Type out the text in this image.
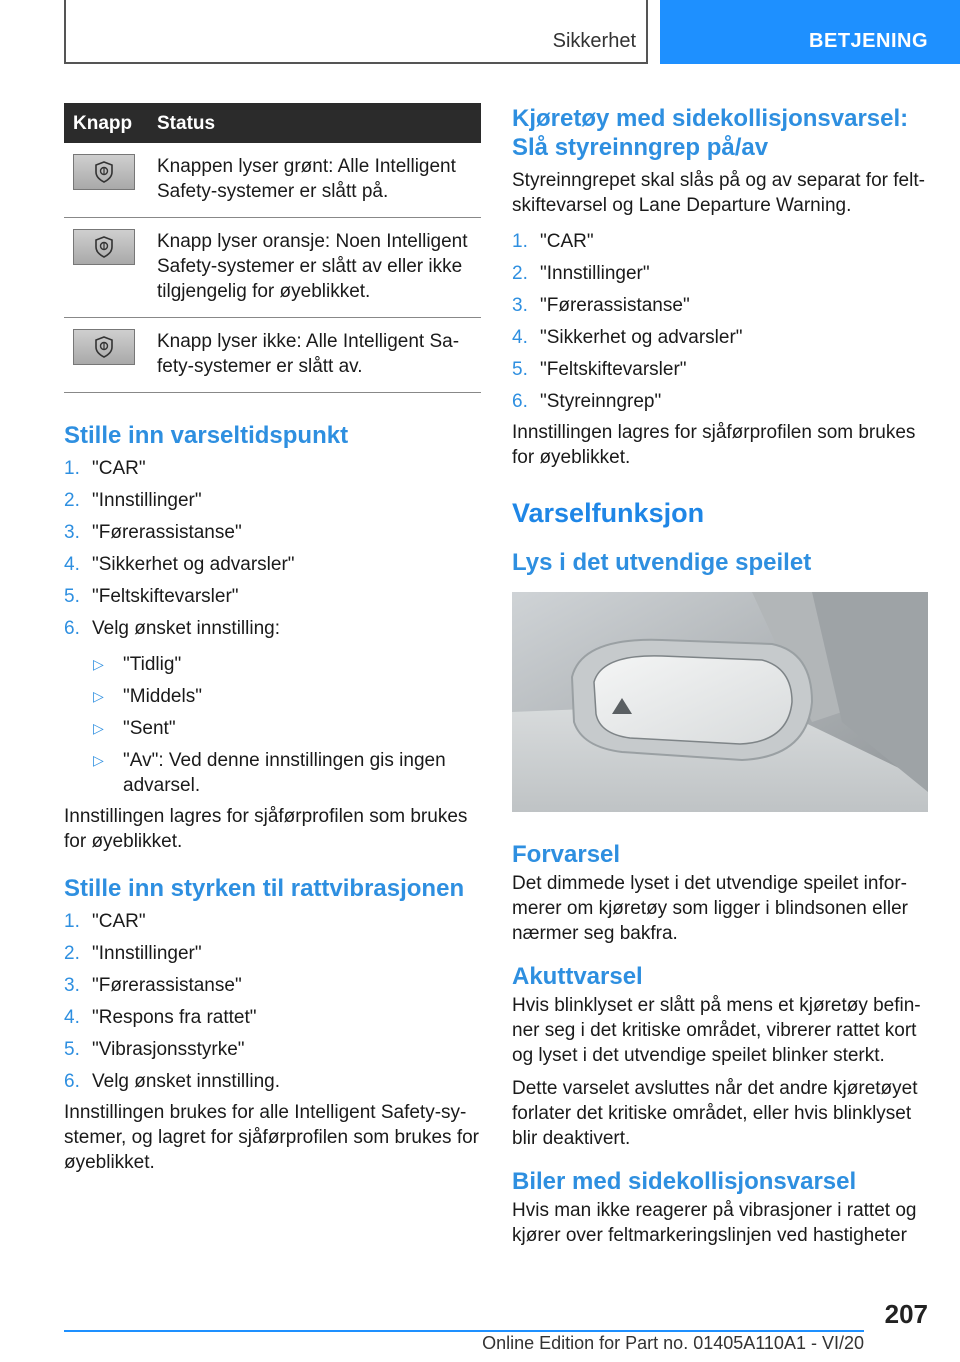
Sikkerhet	BETJENING
Knapp	Status

	Knappen lyser grønt: Alle Intelligent Safety-systemer er slått på.

	Knapp lyser oransje: Noen Intelligent Safety-systemer er slått av eller ikke tilgjengelig for øyeblikket.

	Knapp lyser ikke: Alle Intelligent Sa-fety-systemer er slått av.
Stille inn varseltidspunkt
1. "CAR"
2. "Innstillinger"
3. "Førerassistanse"
4. "Sikkerhet og advarsler"
5. "Feltskiftevarsler"
6. Velg ønsket innstilling:
▷ "Tidlig"
▷ "Middels"
▷ "Sent"
▷ "Av": Ved denne innstillingen gis ingen advarsel.

Innstillingen lagres for sjåførprofilen som brukes for øyeblikket.

Stille inn styrken til rattvibrasjonen
1. "CAR"
2. "Innstillinger"
3. "Førerassistanse"
4. "Respons fra rattet"
5. "Vibrasjonsstyrke"
6. Velg ønsket innstilling.

Innstillingen brukes for alle Intelligent Safety-sy-stemer, og lagret for sjåførprofilen som brukes for øyeblikket.

Kjøretøy med sidekollisjonsvarsel: Slå styreinngrep på/av

Styreinngrepet skal slås på og av separat for felt-skiftevarsel og Lane Departure Warning.

1. "CAR"
2. "Innstillinger"
3. "Førerassistanse"
4. "Sikkerhet og advarsler"
5. "Feltskiftevarsler"
6. "Styreinngrep"

Innstillingen lagres for sjåførprofilen som brukes for øyeblikket.

Varselfunksjon
Lys i det utvendige speilet
Forvarsel

Det dimmede lyset i det utvendige speilet infor-merer om kjøretøy som ligger i blindsonen eller nærmer seg bakfra.

Akuttvarsel

Hvis blinklyset er slått på mens et kjøretøy befin-ner seg i det kritiske området, vibrerer rattet kort og lyset i det utvendige speilet blinker sterkt.

Dette varselet avsluttes når det andre kjøretøyet forlater det kritiske området, eller hvis blinklyset blir deaktivert.

Biler med sidekollisjonsvarsel

Hvis man ikke reagerer på vibrasjoner i rattet og kjører over feltmarkeringslinjen ved hastigheter

207
Online Edition for Part no. 01405A110A1 - VI/20
